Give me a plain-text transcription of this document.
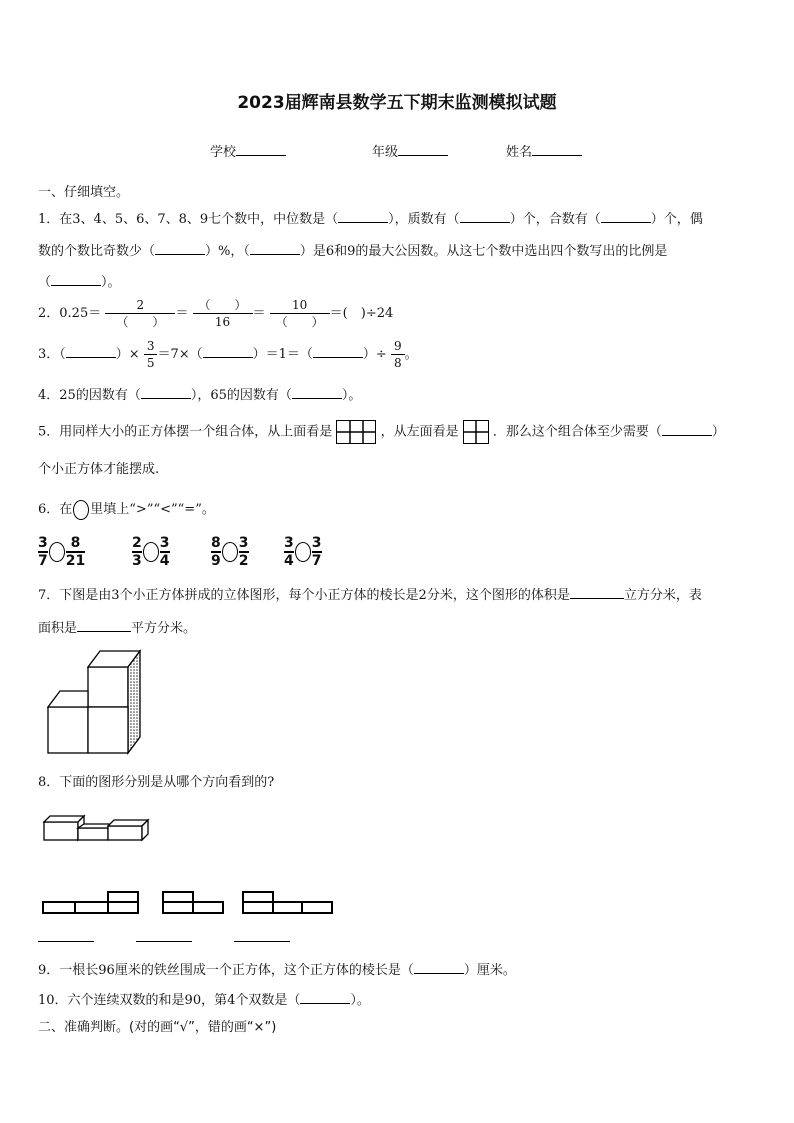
2023届辉南县数学五下期末监测模拟试题
学校	年级	姓名
一、仔细填空。
1．在3、4、5、6、7、8、9七个数中，中位数是（	），质数有（	）个，合数有（	）个，偶
数的个数比奇数少（	）%，（	）是6和9的最大公因数。从这七个数中选出四个数写出的比例是
（	）。
2．$0.25= \frac{2}{( )} = \frac{( )}{16} = \frac{10}{( )}$ ＝(　)÷24
3．（	）× $\frac{3}{5} =7\times$（	）＝1＝（	）÷ $\frac{9}{8}$ 。
4．25的因数有（	），65的因数有（	）。
5．用同样大小的正方体摆一个组合体，从上面看是	，从左面看是	．那么这个组合体至少需要（	）
个小正方体才能摆成.
6．在 里填上“>”“<”“=”。
$\frac{3}{7} \frac{8}{21}$	$\frac{2}{3} \frac{3}{4}$	$\frac{8}{9} \frac{3}{2}$	$\frac{3}{4} \frac{3}{7}$
7．下图是由3个小正方体拼成的立体图形，每个小正方体的棱长是2分米，这个图形的体积是	立方分米，表
面积是	平方分米。
8．下面的图形分别是从哪个方向看到的?
9．一根长96厘米的铁丝围成一个正方体，这个正方体的棱长是（	）厘米。
10．六个连续双数的和是90，第4个双数是（	）。
二、准确判断。(对的画“√”，错的画“×”)
